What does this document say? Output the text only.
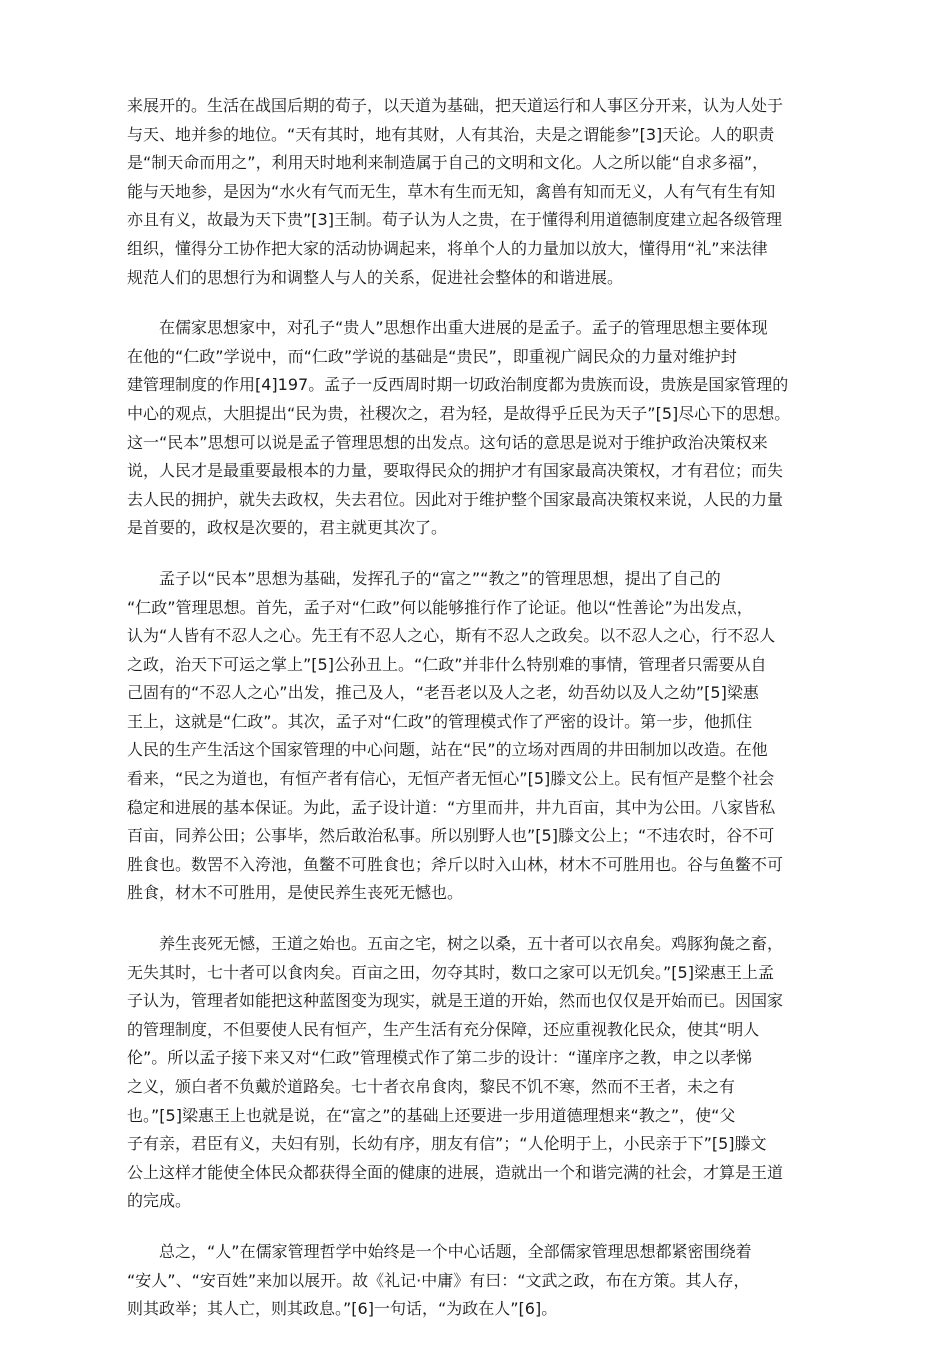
来展开的。生活在战国后期的荀子，以天道为基础，把天道运行和人事区分开来，认为人处于
与天、地并参的地位。“天有其时，地有其财，人有其治，夫是之谓能参”[3]天论。人的职责
是“制天命而用之”，利用天时地利来制造属于自己的文明和文化。人之所以能“自求多福”，
能与天地参，是因为“水火有气而无生，草木有生而无知，禽兽有知而无义，人有气有生有知
亦且有义，故最为天下贵”[3]王制。荀子认为人之贵，在于懂得利用道德制度建立起各级管理
组织，懂得分工协作把大家的活动协调起来，将单个人的力量加以放大，懂得用“礼”来法律
规范人们的思想行为和调整人与人的关系，促进社会整体的和谐进展。
在儒家思想家中，对孔子“贵人”思想作出重大进展的是孟子。孟子的管理思想主要体现
在他的“仁政”学说中，而“仁政”学说的基础是“贵民”，即重视广阔民众的力量对维护封
建管理制度的作用[4]197。孟子一反西周时期一切政治制度都为贵族而设，贵族是国家管理的
中心的观点，大胆提出“民为贵，社稷次之，君为轻，是故得乎丘民为天子”[5]尽心下的思想。
这一“民本”思想可以说是孟子管理思想的出发点。这句话的意思是说对于维护政治决策权来
说，人民才是最重要最根本的力量，要取得民众的拥护才有国家最高决策权，才有君位；而失
去人民的拥护，就失去政权，失去君位。因此对于维护整个国家最高决策权来说，人民的力量
是首要的，政权是次要的，君主就更其次了。
孟子以“民本”思想为基础，发挥孔子的“富之”“教之”的管理思想，提出了自己的
“仁政”管理思想。首先，孟子对“仁政”何以能够推行作了论证。他以“性善论”为出发点，
认为“人皆有不忍人之心。先王有不忍人之心，斯有不忍人之政矣。以不忍人之心，行不忍人
之政，治天下可运之掌上”[5]公孙丑上。“仁政”并非什么特别难的事情，管理者只需要从自
己固有的“不忍人之心”出发，推己及人，“老吾老以及人之老，幼吾幼以及人之幼”[5]梁惠
王上，这就是“仁政”。其次，孟子对“仁政”的管理模式作了严密的设计。第一步，他抓住
人民的生产生活这个国家管理的中心问题，站在“民”的立场对西周的井田制加以改造。在他
看来，“民之为道也，有恒产者有信心，无恒产者无恒心”[5]滕文公上。民有恒产是整个社会
稳定和进展的基本保证。为此，孟子设计道：“方里而井，井九百亩，其中为公田。八家皆私
百亩，同养公田；公事毕，然后敢治私事。所以别野人也”[5]滕文公上；“不违农时，谷不可
胜食也。数罟不入洿池，鱼鳖不可胜食也；斧斤以时入山林，材木不可胜用也。谷与鱼鳖不可
胜食，材木不可胜用，是使民养生丧死无憾也。
养生丧死无憾，王道之始也。五亩之宅，树之以桑，五十者可以衣帛矣。鸡豚狗彘之畜，
无失其时，七十者可以食肉矣。百亩之田，勿夺其时，数口之家可以无饥矣。”[5]梁惠王上孟
子认为，管理者如能把这种蓝图变为现实，就是王道的开始，然而也仅仅是开始而已。因国家
的管理制度，不但要使人民有恒产，生产生活有充分保障，还应重视教化民众，使其“明人
伦”。所以孟子接下来又对“仁政”管理模式作了第二步的设计：“谨庠序之教，申之以孝悌
之义，颁白者不负戴於道路矣。七十者衣帛食肉，黎民不饥不寒，然而不王者，未之有
也。”[5]梁惠王上也就是说，在“富之”的基础上还要进一步用道德理想来“教之”，使“父
子有亲，君臣有义，夫妇有别，长幼有序，朋友有信”；“人伦明于上，小民亲于下”[5]滕文
公上这样才能使全体民众都获得全面的健康的进展，造就出一个和谐完满的社会，才算是王道
的完成。
总之，“人”在儒家管理哲学中始终是一个中心话题，全部儒家管理思想都紧密围绕着
“安人”、“安百姓”来加以展开。故《礼记·中庸》有曰：“文武之政，布在方策。其人存，
则其政举；其人亡，则其政息。”[6]一句话，“为政在人”[6]。
